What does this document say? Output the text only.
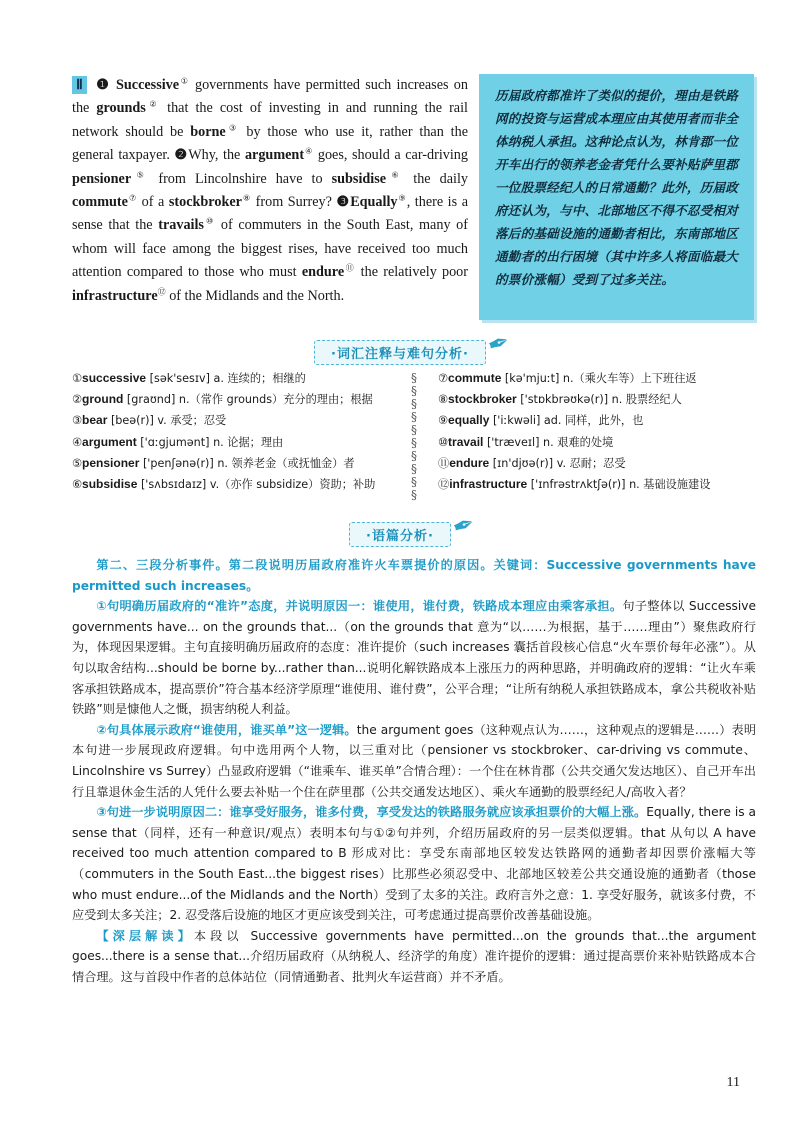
Ⅱ ❶ Successive① governments have permitted such increases on the grounds② that the cost of investing in and running the rail network should be borne③ by those who use it, rather than the general taxpayer. ❷Why, the argument④ goes, should a car-driving pensioner⑤ from Lincolnshire have to subsidise⑥ the daily commute⑦ of a stockbroker⑧ from Surrey? ❸Equally⑨, there is a sense that the travails⑩ of commuters in the South East, many of whom will face among the biggest rises, have received too much attention compared to those who must endure⑪ the relatively poor infrastructure⑫ of the Midlands and the North.
历届政府都准许了类似的提价，理由是铁路网的投资与运营成本理应由其使用者而非全体纳税人承担。这种论点认为，林肯郡一位开车出行的领养老金者凭什么要补贴萨里郡一位股票经纪人的日常通勤？此外，历届政府还认为，与中、北部地区不得不忍受相对落后的基础设施的通勤者相比，东南部地区通勤者的出行困境（其中许多人将面临最大的票价涨幅）受到了过多关注。
·词汇注释与难句分析· ✒
①successive [sək'sesɪv] a. 连续的；相继的
②ground [graʊnd] n.（常作 grounds）充分的理由；根据
③bear [beə(r)] v. 承受；忍受
④argument ['ɑːgjumənt] n. 论据；理由
⑤pensioner ['penʃənə(r)] n. 领养老金（或抚恤金）者
⑥subsidise ['sʌbsɪdaɪz] v.（亦作 subsidize）资助；补助
§
§
§
§
§
§
§
§
§
§
⑦commute [kə'mjuːt] n.（乘火车等）上下班往返
⑧stockbroker ['stɒkbrəʊkə(r)] n. 股票经纪人
⑨equally ['iːkwəli] ad. 同样，此外，也
⑩travail ['træveɪl] n. 艰难的处境
⑪endure [ɪn'djʊə(r)] v. 忍耐；忍受
⑫infrastructure ['ɪnfrəstrʌktʃə(r)] n. 基础设施建设
·语篇分析· ✒

第二、三段分析事件。第二段说明历届政府准许火车票提价的原因。关键词：Successive governments have permitted such increases。

①句明确历届政府的“准许”态度，并说明原因一：谁使用，谁付费，铁路成本理应由乘客承担。句子整体以 Successive governments have... on the grounds that...（on the grounds that 意为“以……为根据，基于……理由”）聚焦政府行为，体现因果逻辑。主句直接明确历届政府的态度：准许提价（such increases 囊括首段核心信息“火车票价每年必涨”）。从句以取舍结构...should be borne by...rather than...说明化解铁路成本上涨压力的两种思路，并明确政府的逻辑：“让火车乘客承担铁路成本，提高票价”符合基本经济学原理“谁使用、谁付费”，公平合理；“让所有纳税人承担铁路成本，拿公共税收补贴铁路”则是慷他人之慨，损害纳税人利益。

②句具体展示政府“谁使用，谁买单”这一逻辑。the argument goes（这种观点认为……，这种观点的逻辑是……）表明本句进一步展现政府逻辑。句中选用两个人物，以三重对比（pensioner vs stockbroker、car-driving vs commute、Lincolnshire vs Surrey）凸显政府逻辑（“谁乘车、谁买单”合情合理）：一个住在林肯郡（公共交通欠发达地区）、自己开车出行且靠退休金生活的人凭什么要去补贴一个住在萨里郡（公共交通发达地区）、乘火车通勤的股票经纪人/高收入者？

③句进一步说明原因二：谁享受好服务，谁多付费，享受发达的铁路服务就应该承担票价的大幅上涨。Equally, there is a sense that（同样，还有一种意识/观点）表明本句与①②句并列，介绍历届政府的另一层类似逻辑。that 从句以 A have received too much attention compared to B 形成对比：享受东南部地区较发达铁路网的通勤者却因票价涨幅大等（commuters in the South East...the biggest rises）比那些必须忍受中、北部地区较差公共交通设施的通勤者（those who must endure...of the Midlands and the North）受到了太多的关注。政府言外之意：1. 享受好服务，就该多付费，不应受到太多关注；2. 忍受落后设施的地区才更应该受到关注，可考虑通过提高票价改善基础设施。

【深层解读】本段以 Successive governments have permitted...on the grounds that...the argument goes...there is a sense that...介绍历届政府（从纳税人、经济学的角度）准许提价的逻辑：通过提高票价来补贴铁路成本合情合理。这与首段中作者的总体站位（同情通勤者、批判火车运营商）并不矛盾。

11
